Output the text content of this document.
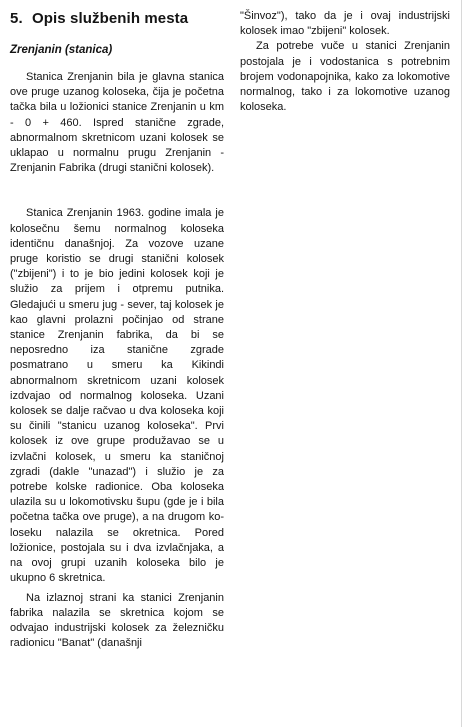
5. Opis službenih mesta
Zrenjanin (stanica)

Stanica Zrenjanin bila je glavna stanica ove pruge uzanog koloseka, čija je početna tačka bila u ložionici stanice Zrenjanin u km - 0 + 460. Ispred stanične zgrade, abnormalnom skretnicom uzani kolosek se uklapao u normalnu prugu Zrenjanin - Zrenjanin Fabrika (drugi stanični kolosek).

Stanica Zrenjanin 1963. godine imala je kolosečnu šemu normalnog koloseka identičnu današnjoj. Za vozove uzane pruge koristio se drugi stanični kolosek ("zbijeni") i to je bio jedini kolosek koji je služio za prijem i otpremu putnika. Gledajući u smeru jug - sever, taj kolosek je kao glavni prolazni počinjao od strane stanice Zrenjanin fabrika, da bi se neposredno iza stanične zgrade posmatrano u smeru ka Kikindi abnormalnom skretnicom uzani kolosek izdvajao od normalnog koloseka. Uzani kolosek se dalje račvao u dva koloseka koji su činili "stanicu uzanog koloseka". Prvi kolosek iz ove grupe produžavao se u izvlačni kolosek, u smeru ka staničnoj zgradi (dakle "unazad") i služio je za potrebe kolske radionice. Oba koloseka ulazila su u lokomotivsku šupu (gde je i bila početna tačka ove pruge), a na drugom koloseku nalazila se okretnica. Pored ložionice, postojala su i dva izvlačnjaka, a na ovoj grupi uzanih koloseka bilo je ukupno 6 skretnica.

Na izlaznoj strani ka stanici Zrenjanin fabrika nalazila se skretnica kojom se odvajao industrijski kolosek za železničku radionicu "Banat" (današnji

"Šinvoz"), tako da je i ovaj industrijski kolosek imao "zbijeni" kolosek.

Za potrebe vuče u stanici Zrenjanin postojala je i vodostanica s potrebnim brojem vodonapojnika, kako za lokomotive normalnog, tako i za lokomotive uzanog koloseka.
